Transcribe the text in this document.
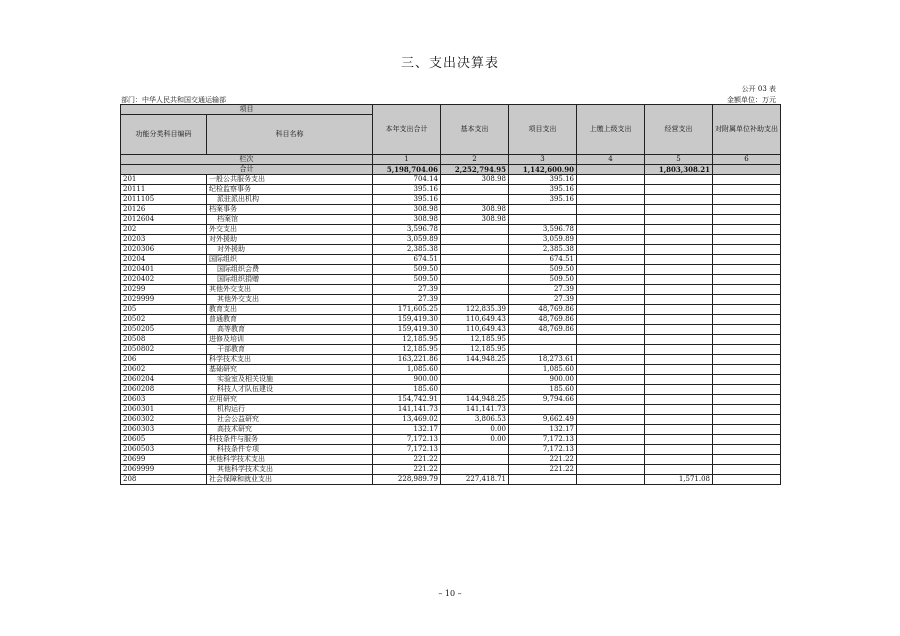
三、支出决算表
公开 03 表
部门：中华人民共和国交通运输部	金额单位：万元
项目		本年支出合计	基本支出	项目支出	上缴上级支出	经营支出	对附属单位补助支出
功能分类科目编码	科目名称						
栏次		1	2	3	4	5	6
合计		5,198,704.06	2,252,794.95	1,142,600.90		1,803,308.21	
201	一般公共服务支出	704.14	308.98	395.16			
20111	纪检监察事务	395.16		395.16			
2011105	派驻派出机构	395.16		395.16			
20126	档案事务	308.98	308.98				
2012604	档案馆	308.98	308.98				
202	外交支出	3,596.78		3,596.78			
20203	对外援助	3,059.89		3,059.89			
2020306	对外援助	2,385.38		2,385.38			
20204	国际组织	674.51		674.51			
2020401	国际组织会费	509.50		509.50			
2020402	国际组织捐赠	509.50		509.50			
20299	其他外交支出	27.39		27.39			
2029999	其他外交支出	27.39		27.39			
205	教育支出	171,605.25	122,835.39	48,769.86			
20502	普通教育	159,419.30	110,649.43	48,769.86			
2050205	高等教育	159,419.30	110,649.43	48,769.86			
20508	进修及培训	12,185.95	12,185.95				
2050802	干部教育	12,185.95	12,185.95				
206	科学技术支出	163,221.86	144,948.25	18,273.61			
20602	基础研究	1,085.60		1,085.60			
2060204	实验室及相关设施	900.00		900.00			
2060208	科技人才队伍建设	185.60		185.60			
20603	应用研究	154,742.91	144,948.25	9,794.66			
2060301	机构运行	141,141.73	141,141.73				
2060302	社会公益研究	13,469.02	3,806.53	9,662.49			
2060303	高技术研究	132.17	0.00	132.17			
20605	科技条件与服务	7,172.13	0.00	7,172.13			
2060503	科技条件专项	7,172.13		7,172.13			
20699	其他科学技术支出	221.22		221.22			
2069999	其他科学技术支出	221.22		221.22			
208	社会保障和就业支出	228,989.79	227,418.71			1,571.08	
– 10 –
